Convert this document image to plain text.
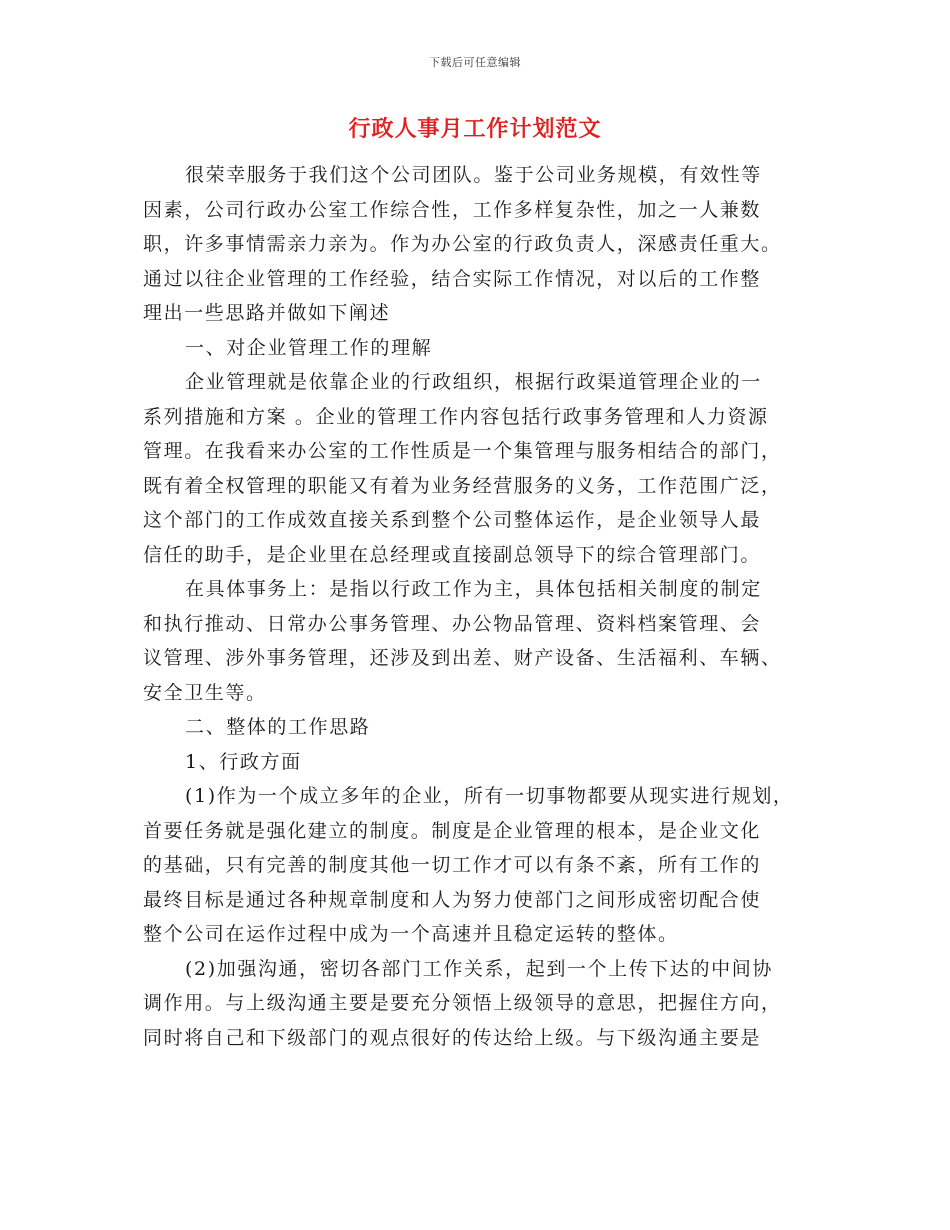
下载后可任意编辑
行政人事月工作计划范文
很荣幸服务于我们这个公司团队。鉴于公司业务规模，有效性等
因素，公司行政办公室工作综合性，工作多样复杂性，加之一人兼数
职，许多事情需亲力亲为。作为办公室的行政负责人，深感责任重大。
通过以往企业管理的工作经验，结合实际工作情况，对以后的工作整
理出一些思路并做如下阐述
一、对企业管理工作的理解
企业管理就是依靠企业的行政组织，根据行政渠道管理企业的一
系列措施和方案 。企业的管理工作内容包括行政事务管理和人力资源
管理。在我看来办公室的工作性质是一个集管理与服务相结合的部门，
既有着全权管理的职能又有着为业务经营服务的义务，工作范围广泛，
这个部门的工作成效直接关系到整个公司整体运作，是企业领导人最
信任的助手，是企业里在总经理或直接副总领导下的综合管理部门。
在具体事务上：是指以行政工作为主，具体包括相关制度的制定
和执行推动、日常办公事务管理、办公物品管理、资料档案管理、会
议管理、涉外事务管理，还涉及到出差、财产设备、生活福利、车辆、
安全卫生等。
二、整体的工作思路
1、行政方面
(1)作为一个成立多年的企业，所有一切事物都要从现实进行规划，
首要任务就是强化建立的制度。制度是企业管理的根本，是企业文化
的基础，只有完善的制度其他一切工作才可以有条不紊，所有工作的
最终目标是通过各种规章制度和人为努力使部门之间形成密切配合使
整个公司在运作过程中成为一个高速并且稳定运转的整体。
(2)加强沟通，密切各部门工作关系，起到一个上传下达的中间协
调作用。与上级沟通主要是要充分领悟上级领导的意思，把握住方向，
同时将自己和下级部门的观点很好的传达给上级。与下级沟通主要是
